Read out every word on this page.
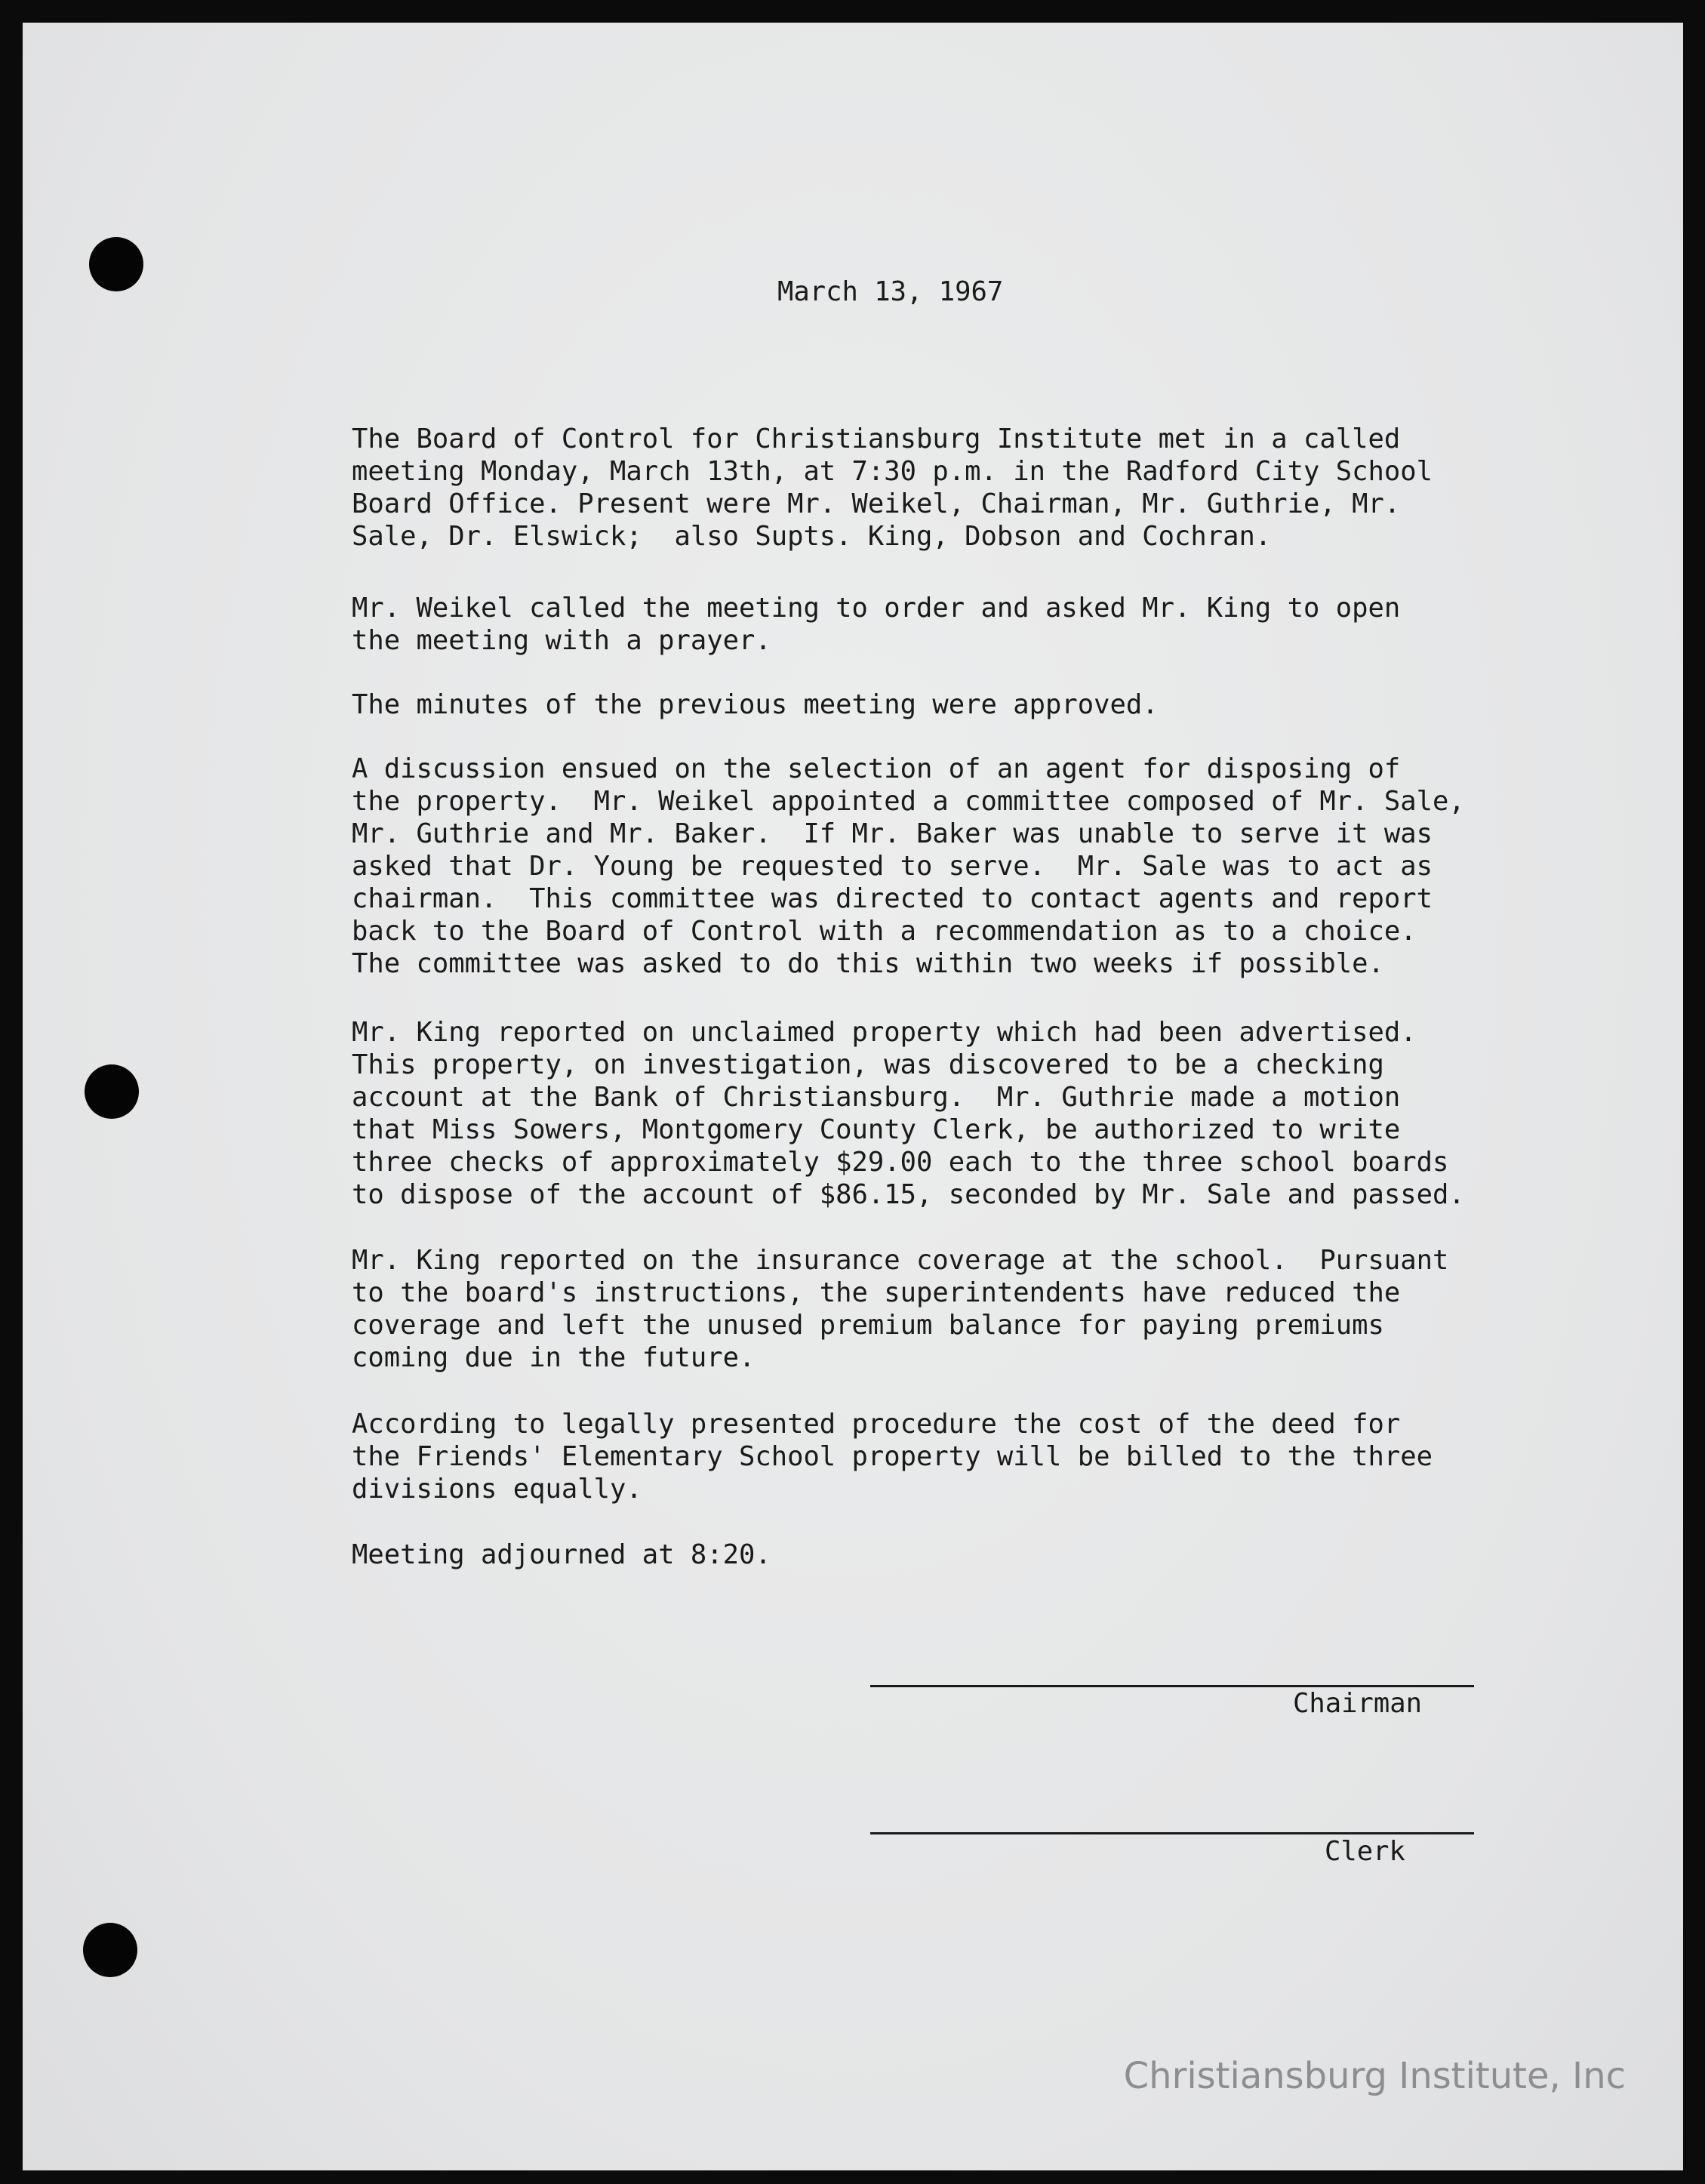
March 13, 1967
The Board of Control for Christiansburg Institute met in a called
meeting Monday, March 13th, at 7:30 p.m. in the Radford City School
Board Office. Present were Mr. Weikel, Chairman, Mr. Guthrie, Mr.
Sale, Dr. Elswick;  also Supts. King, Dobson and Cochran.
Mr. Weikel called the meeting to order and asked Mr. King to open
the meeting with a prayer.
The minutes of the previous meeting were approved.
A discussion ensued on the selection of an agent for disposing of
the property.  Mr. Weikel appointed a committee composed of Mr. Sale,
Mr. Guthrie and Mr. Baker.  If Mr. Baker was unable to serve it was
asked that Dr. Young be requested to serve.  Mr. Sale was to act as
chairman.  This committee was directed to contact agents and report
back to the Board of Control with a recommendation as to a choice.
The committee was asked to do this within two weeks if possible.
Mr. King reported on unclaimed property which had been advertised.
This property, on investigation, was discovered to be a checking
account at the Bank of Christiansburg.  Mr. Guthrie made a motion
that Miss Sowers, Montgomery County Clerk, be authorized to write
three checks of approximately $29.00 each to the three school boards
to dispose of the account of $86.15, seconded by Mr. Sale and passed.
Mr. King reported on the insurance coverage at the school.  Pursuant
to the board's instructions, the superintendents have reduced the
coverage and left the unused premium balance for paying premiums
coming due in the future.
According to legally presented procedure the cost of the deed for
the Friends' Elementary School property will be billed to the three
divisions equally.
Meeting adjourned at 8:20.
Chairman
Clerk
Christiansburg Institute, Inc
